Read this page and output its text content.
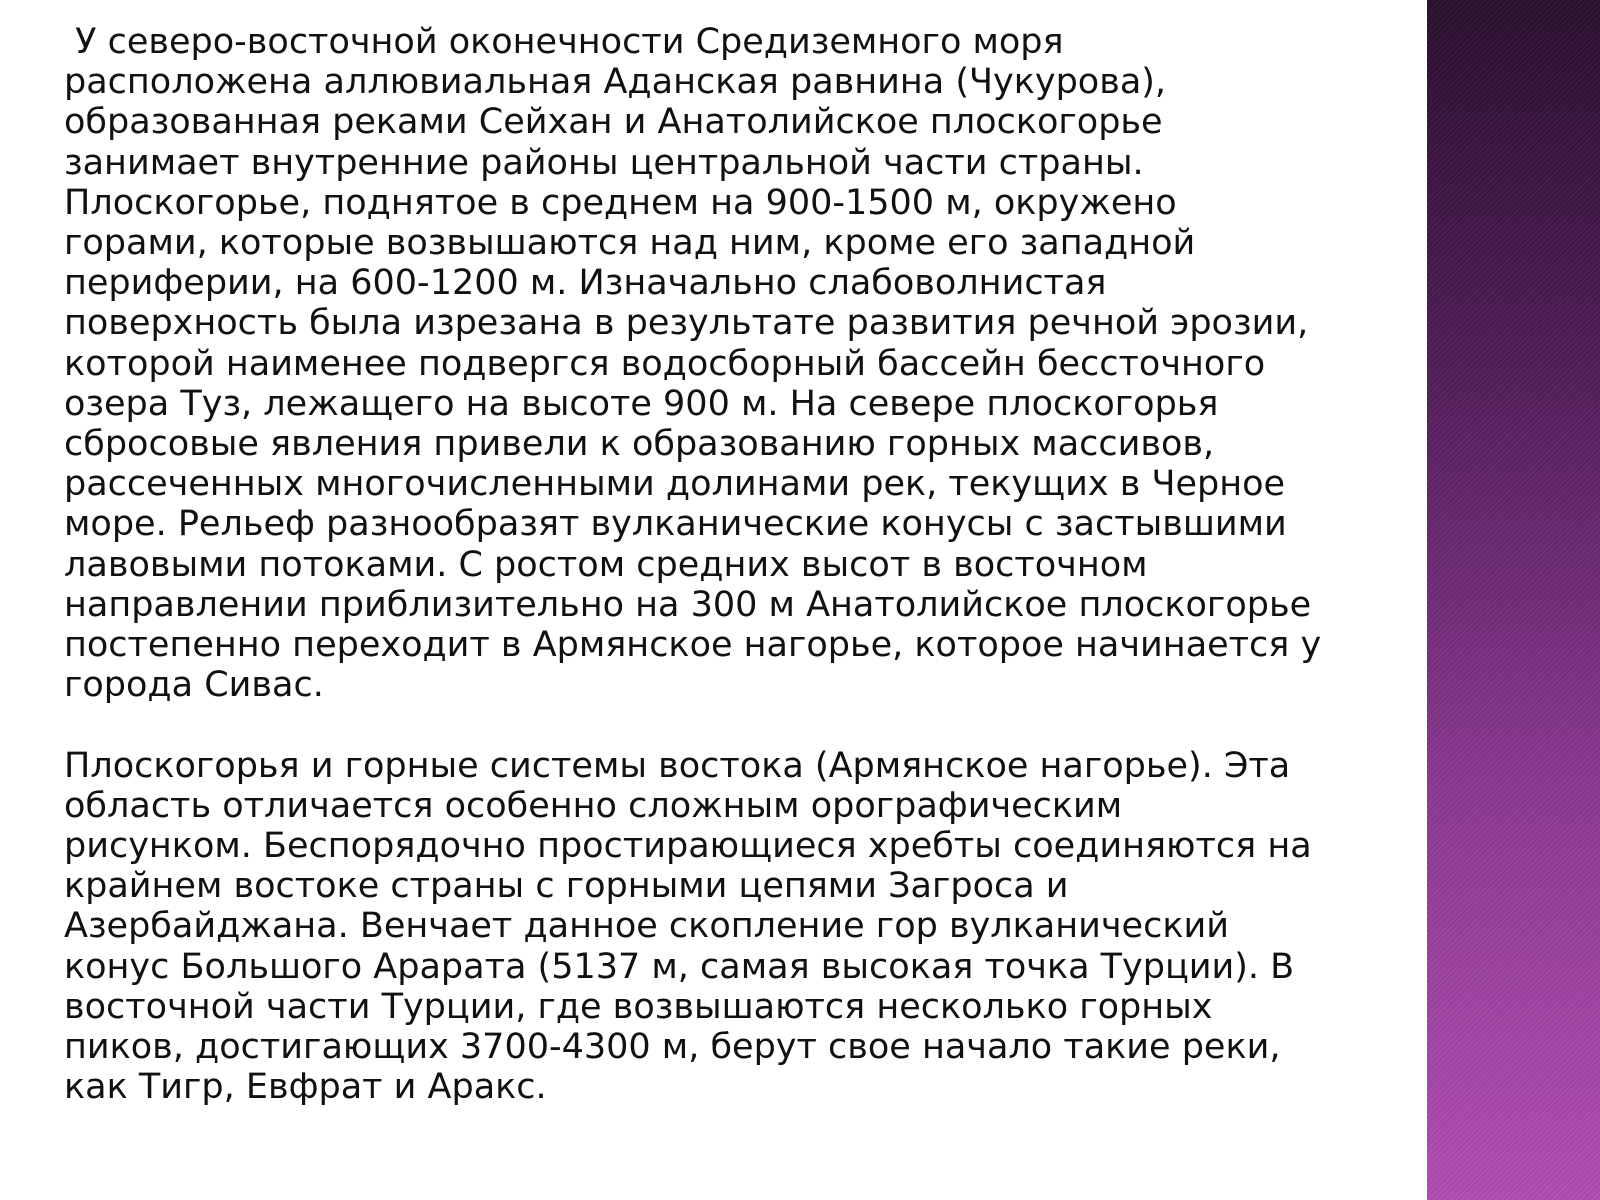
У северо-восточной оконечности Средиземного моря
расположена аллювиальная Аданская равнина (Чукурова),
образованная реками Сейхан и Анатолийское плоскогорье
занимает внутренние районы центральной части страны.
Плоскогорье, поднятое в среднем на 900-1500 м, окружено
горами, которые возвышаются над ним, кроме его западной
периферии, на 600-1200 м. Изначально слабоволнистая
поверхность была изрезана в результате развития речной эрозии,
которой наименее подвергся водосборный бассейн бессточного
озера Туз, лежащего на высоте 900 м. На севере плоскогорья
сбросовые явления привели к образованию горных массивов,
рассеченных многочисленными долинами рек, текущих в Черное
море. Рельеф разнообразят вулканические конусы с застывшими
лавовыми потоками. С ростом средних высот в восточном
направлении приблизительно на 300 м Анатолийское плоскогорье
постепенно переходит в Армянское нагорье, которое начинается у
города Сивас.

Плоскогорья и горные системы востока (Армянское нагорье). Эта
область отличается особенно сложным орографическим
рисунком. Беспорядочно простирающиеся хребты соединяются на
крайнем востоке страны с горными цепями Загроса и
Азербайджана. Венчает данное скопление гор вулканический
конус Большого Арарата (5137 м, самая высокая точка Турции). В
восточной части Турции, где возвышаются несколько горных
пиков, достигающих 3700-4300 м, берут свое начало такие реки,
как Тигр, Евфрат и Аракс.
